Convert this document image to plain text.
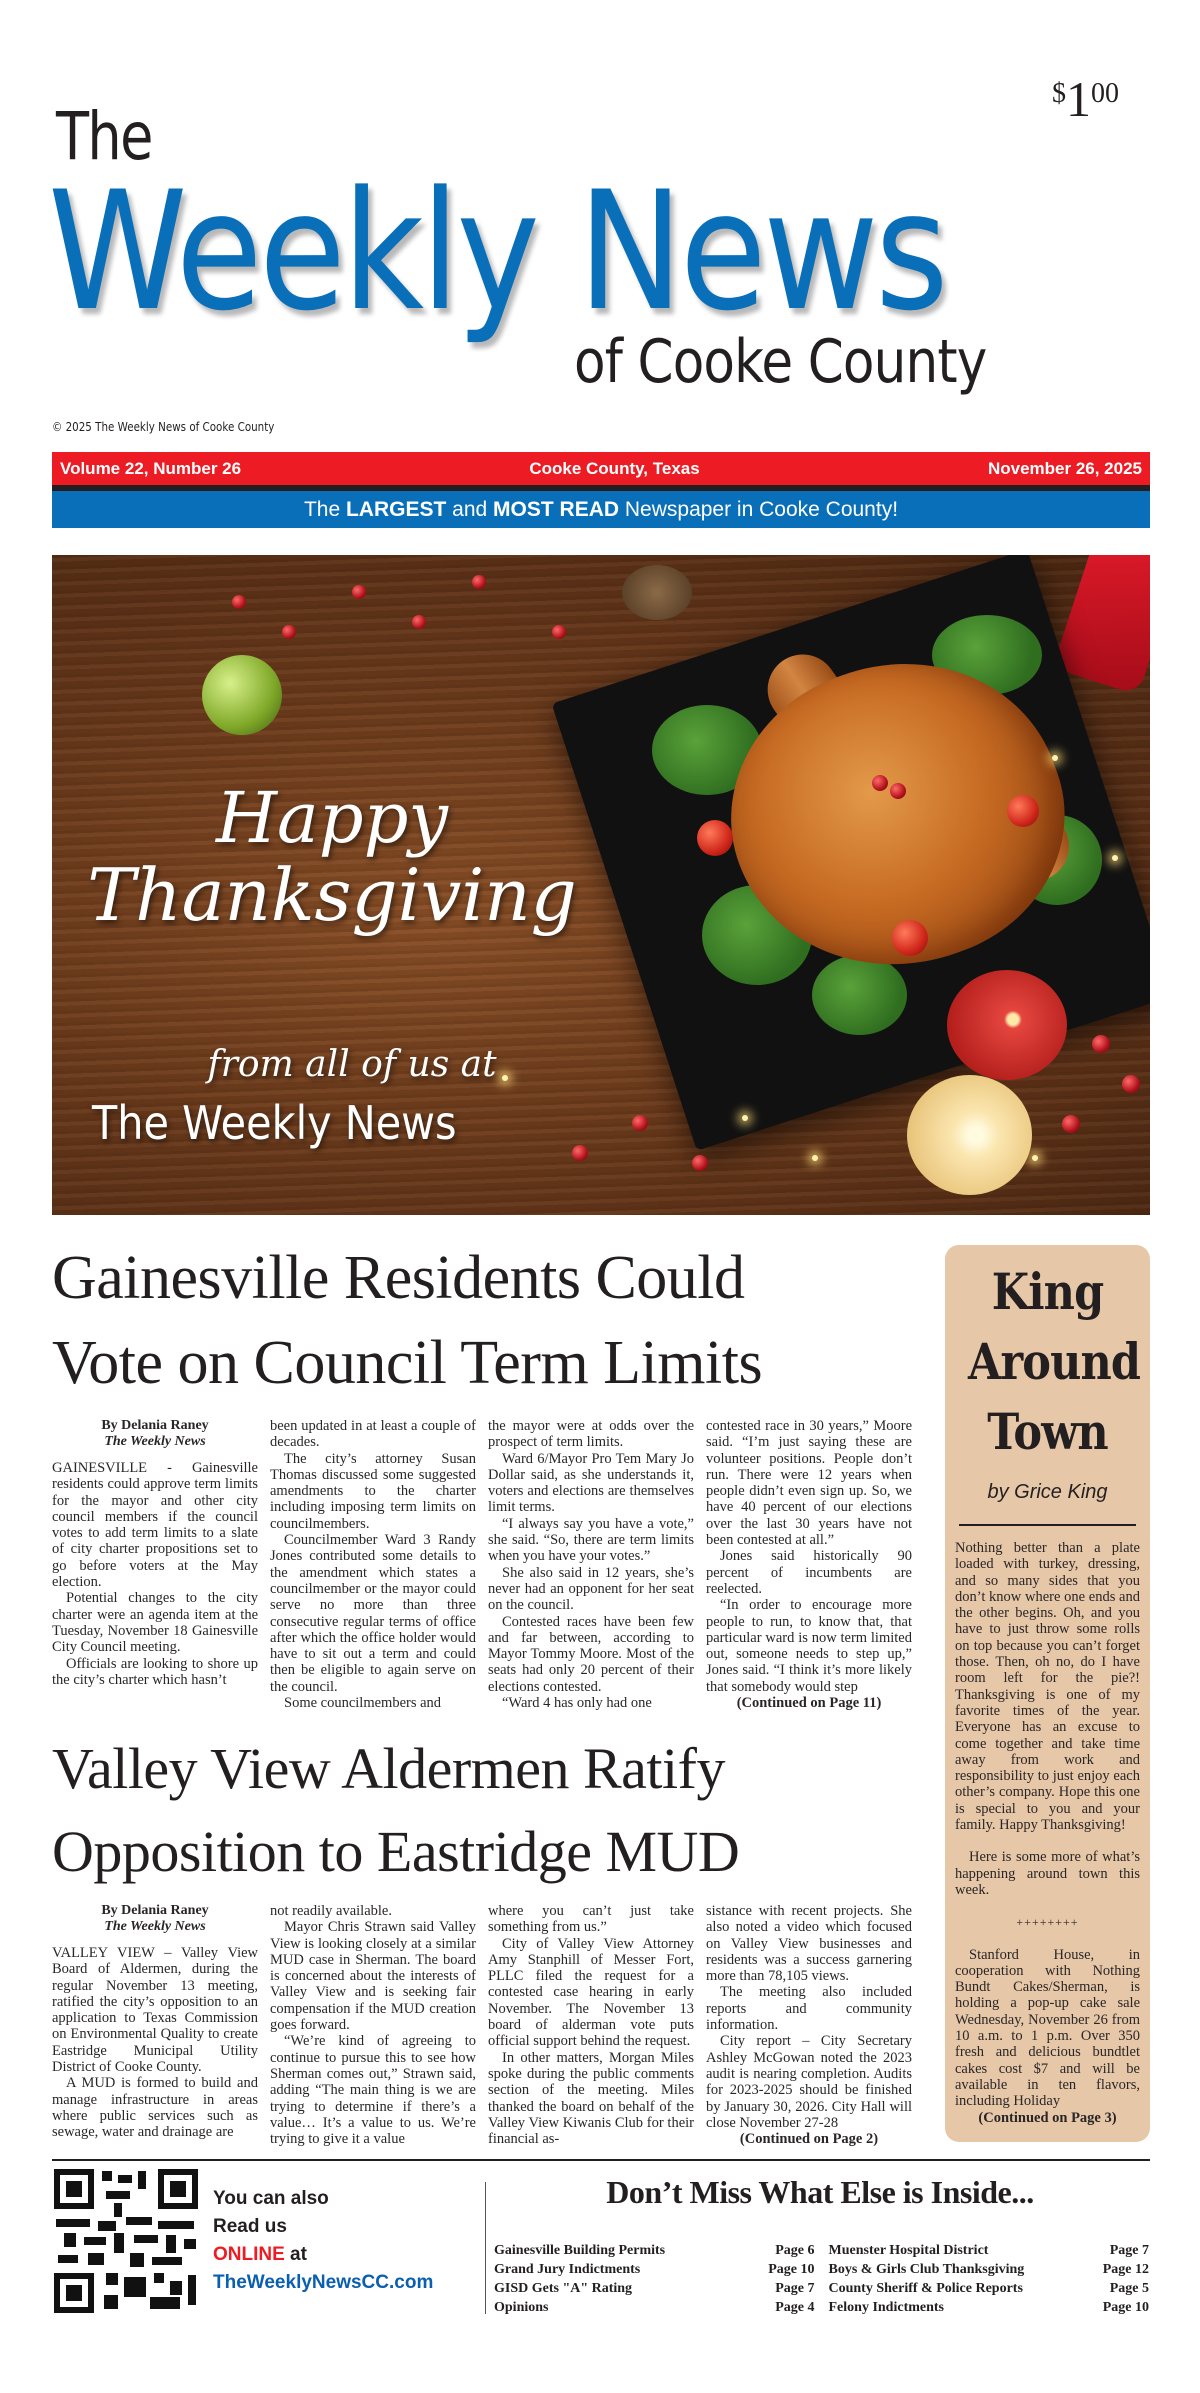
$100
The
Weekly News
of Cooke County
© 2025 The Weekly News of Cooke County
Volume 22, Number 26	Cooke County, Texas	November 26, 2025
The LARGEST and MOST READ Newspaper in Cooke County!
Happy
Thanksgiving
from all of us at
The Weekly News
Gainesville Residents Could
Vote on Council Term Limits
By Delania Raney
The Weekly News

GAINESVILLE - Gainesville residents could approve term limits for the mayor and other city council members if the council votes to add term limits to a slate of city charter propositions set to go before voters at the May election.

Potential changes to the city charter were an agenda item at the Tuesday, November 18 Gainesville City Council meeting.

Officials are looking to shore up the city’s charter which hasn’t

been updated in at least a couple of decades.

The city’s attorney Susan Thomas discussed some suggested amendments to the charter including imposing term limits on councilmembers.

Councilmember Ward 3 Randy Jones contributed some details to the amendment which states a councilmember or the mayor could serve no more than three consecutive regular terms of office after which the office holder would have to sit out a term and could then be eligible to again serve on the council.

Some councilmembers and

the mayor were at odds over the prospect of term limits.

Ward 6/Mayor Pro Tem Mary Jo Dollar said, as she understands it, voters and elections are themselves limit terms.

“I always say you have a vote,” she said. “So, there are term limits when you have your votes.”

She also said in 12 years, she’s never had an opponent for her seat on the council.

Contested races have been few and far between, according to Mayor Tommy Moore. Most of the seats had only 20 percent of their elections contested.

“Ward 4 has only had one

contested race in 30 years,” Moore said. “I’m just saying these are volunteer positions. People don’t run. There were 12 years when people didn’t even sign up. So, we have 40 percent of our elections over the last 30 years have not been contested at all.”

Jones said historically 90 percent of incumbents are reelected.

“In order to encourage more people to run, to know that, that particular ward is now term limited out, someone needs to step up,” Jones said. “I think it’s more likely that somebody would step

(Continued on Page 11)

Valley View Aldermen Ratify
Opposition to Eastridge MUD
By Delania Raney
The Weekly News

VALLEY VIEW – Valley View Board of Aldermen, during the regular November 13 meeting, ratified the city’s opposition to an application to Texas Commission on Environmental Quality to create Eastridge Municipal Utility District of Cooke County.

A MUD is formed to build and manage infrastructure in areas where public services such as sewage, water and drainage are

not readily available.

Mayor Chris Strawn said Valley View is looking closely at a similar MUD case in Sherman. The board is concerned about the interests of Valley View and is seeking fair compensation if the MUD creation goes forward.

“We’re kind of agreeing to continue to pursue this to see how Sherman comes out,” Strawn said, adding “The main thing is we are trying to determine if there’s a value… It’s a value to us. We’re trying to give it a value

where you can’t just take something from us.”

City of Valley View Attorney Amy Stanphill of Messer Fort, PLLC filed the request for a contested case hearing in early November. The November 13 board of alderman vote puts official support behind the request.

In other matters, Morgan Miles spoke during the public comments section of the meeting. Miles thanked the board on behalf of the Valley View Kiwanis Club for their financial as-

sistance with recent projects. She also noted a video which focused on Valley View businesses and residents was a success garnering more than 78,105 views.

The meeting also included reports and community information.

City report – City Secretary Ashley McGowan noted the 2023 audit is nearing completion. Audits for 2023-2025 should be finished by January 30, 2026. City Hall will close November 27-28

(Continued on Page 2)

King
Around
Town
by Grice King

Nothing better than a plate loaded with turkey, dressing, and so many sides that you don’t know where one ends and the other begins. Oh, and you have to just throw some rolls on top because you can’t forget those. Then, oh no, do I have room left for the pie?! Thanksgiving is one of my favorite times of the year. Everyone has an excuse to come together and take time away from work and responsibility to just enjoy each other’s company. Hope this one is special to you and your family. Happy Thanksgiving!

Here is some more of what’s happening around town this week.

++++++++

Stanford House, in cooperation with Nothing Bundt Cakes/Sherman, is holding a pop-up cake sale Wednesday, November 26 from 10 a.m. to 1 p.m. Over 350 fresh and delicious bundtlet cakes cost $7 and will be available in ten flavors, including Holiday

(Continued on Page 3)

You can also
Read us
ONLINE at
TheWeeklyNewsCC.com
Don’t Miss What Else is Inside...
Gainesville Building Permits	Page 6 Muenster Hospital District	Page 7
Grand Jury Indictments	Page 10 Boys & Girls Club Thanksgiving	Page 12
GISD Gets "A" Rating	Page 7 County Sheriff & Police Reports	Page 5
Opinions	Page 4 Felony Indictments	Page 10
